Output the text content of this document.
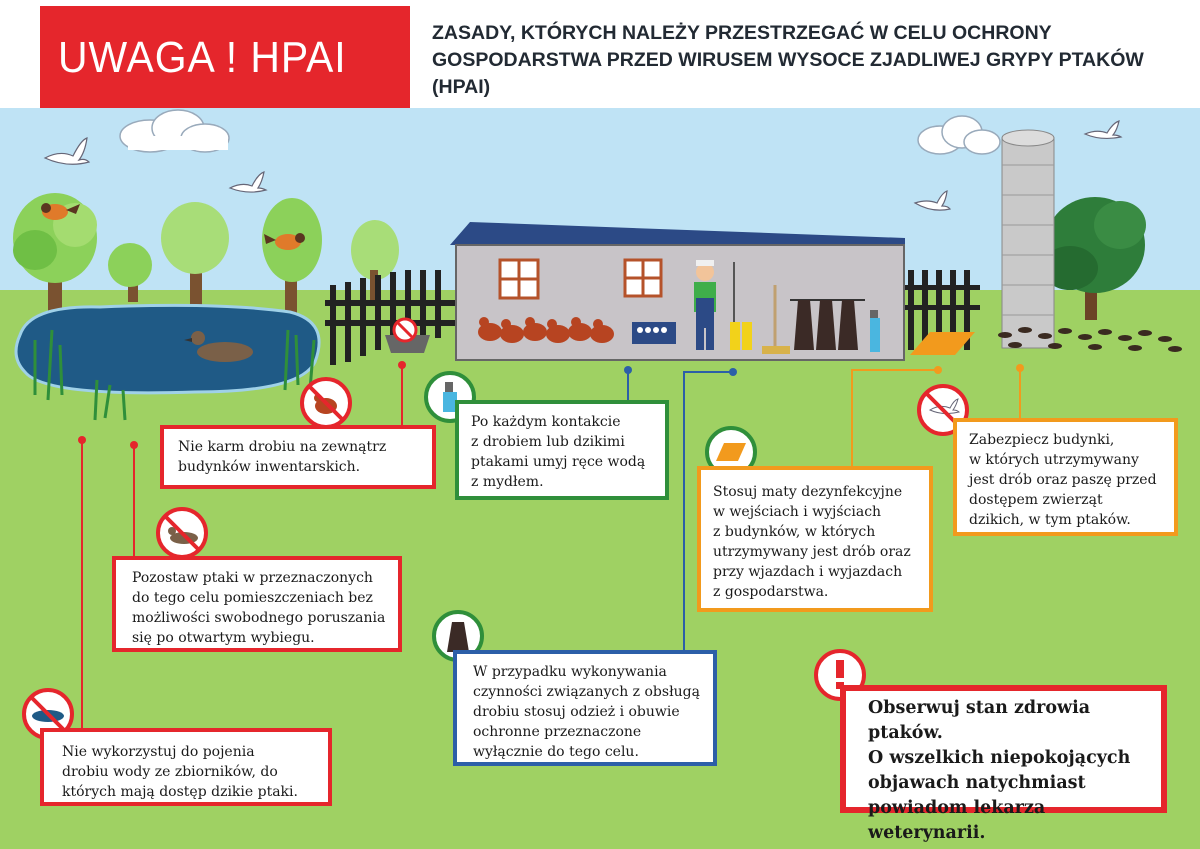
UWAGA ! HPAI	ZASADY, KTÓRYCH NALEŻY PRZESTRZEGAĆ W CELU OCHRONY GOSPODARSTWA PRZED WIRUSEM WYSOCE ZJADLIWEJ GRYPY PTAKÓW (HPAI)
Nie karm drobiu na zewnątrz
budynków inwentarskich.
Po każdym kontakcie
z drobiem lub dzikimi
ptakami umyj ręce wodą
z mydłem.
Stosuj maty dezynfekcyjne
w wejściach i wyjściach
z budynków, w których
utrzymywany jest drób oraz
przy wjazdach i wyjazdach
z gospodarstwa.
Zabezpiecz budynki,
w których utrzymywany
jest drób oraz paszę przed
dostępem zwierząt
dzikich, w tym ptaków.
Pozostaw ptaki w przeznaczonych
do tego celu pomieszczeniach bez
możliwości swobodnego poruszania
się po otwartym wybiegu.
W przypadku wykonywania
czynności związanych z obsługą
drobiu stosuj odzież i obuwie
ochronne przeznaczone
wyłącznie do tego celu.
Nie wykorzystuj do pojenia
drobiu wody ze zbiorników, do
których mają dostęp dzikie ptaki.
Obserwuj stan zdrowia ptaków.
O wszelkich niepokojących
objawach natychmiast
powiadom lekarza weterynarii.
